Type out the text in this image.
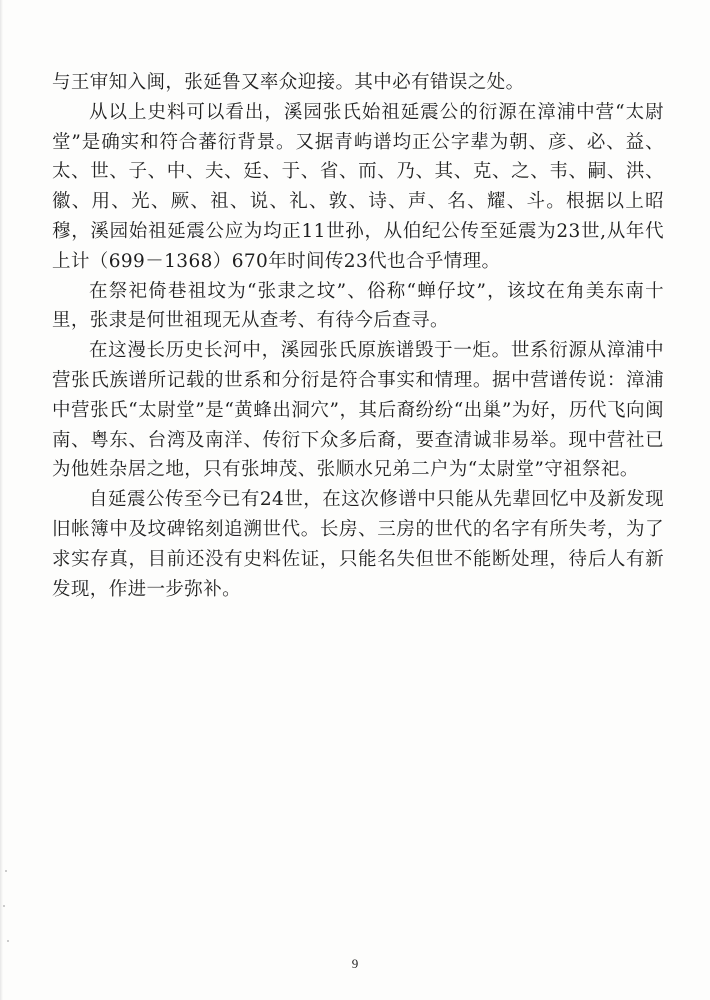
与王审知入闽，张延鲁又率众迎接。其中必有错误之处。

从以上史料可以看出，溪园张氏始祖延震公的衍源在漳浦中营“太尉堂”是确实和符合蕃衍背景。又据青屿谱均正公字辈为朝、彦、必、益、太、世、子、中、夫、廷、于、省、而、乃、其、克、之、韦、嗣、洪、徽、用、光、厥、祖、说、礼、敦、诗、声、名、耀、斗。根据以上昭穆，溪园始祖延震公应为均正11世孙，从伯纪公传至延震为23世,从年代上计（699－1368）670年时间传23代也合乎情理。

在祭祀倚巷祖坟为“张隶之坟”、俗称“蝉仔坟”，该坟在角美东南十里，张隶是何世祖现无从查考、有待今后查寻。

在这漫长历史长河中，溪园张氏原族谱毁于一炬。世系衍源从漳浦中营张氏族谱所记载的世系和分衍是符合事实和情理。据中营谱传说：漳浦中营张氏“太尉堂”是“黄蜂出洞穴”，其后裔纷纷“出巢”为好，历代飞向闽南、粤东、台湾及南洋、传衍下众多后裔，要查清诚非易举。现中营社已为他姓杂居之地，只有张坤茂、张顺水兄弟二户为“太尉堂”守祖祭祀。

自延震公传至今已有24世，在这次修谱中只能从先辈回忆中及新发现旧帐簿中及坟碑铭刻追溯世代。长房、三房的世代的名字有所失考，为了求实存真，目前还没有史料佐证，只能名失但世不能断处理，待后人有新发现，作进一步弥补。

9
